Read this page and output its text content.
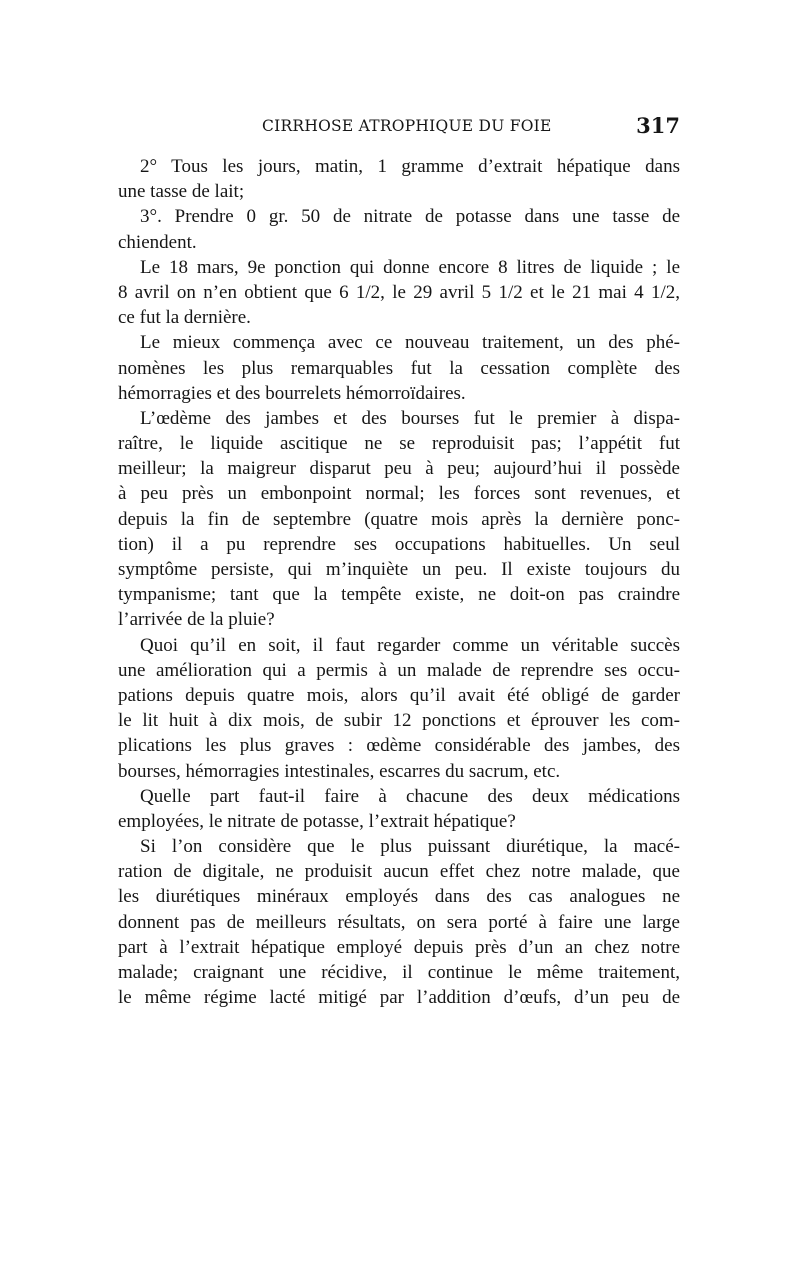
CIRRHOSE ATROPHIQUE DU FOIE	317
2° Tous les jours, matin, 1 gramme d’extrait hépatique dans
une tasse de lait;
3°. Prendre 0 gr. 50 de nitrate de potasse dans une tasse de
chiendent.
Le 18 mars, 9e ponction qui donne encore 8 litres de liquide ; le
8 avril on n’en obtient que 6 1/2, le 29 avril 5 1/2 et le 21 mai 4 1/2,
ce fut la dernière.
Le mieux commença avec ce nouveau traitement, un des phé-
nomènes les plus remarquables fut la cessation complète des
hémorragies et des bourrelets hémorroïdaires.
L’œdème des jambes et des bourses fut le premier à dispa-
raître, le liquide ascitique ne se reproduisit pas; l’appétit fut
meilleur; la maigreur disparut peu à peu; aujourd’hui il possède
à peu près un embonpoint normal; les forces sont revenues, et
depuis la fin de septembre (quatre mois après la dernière ponc-
tion) il a pu reprendre ses occupations habituelles. Un seul
symptôme persiste, qui m’inquiète un peu. Il existe toujours du
tympanisme; tant que la tempête existe, ne doit-on pas craindre
l’arrivée de la pluie?
Quoi qu’il en soit, il faut regarder comme un véritable succès
une amélioration qui a permis à un malade de reprendre ses occu-
pations depuis quatre mois, alors qu’il avait été obligé de garder
le lit huit à dix mois, de subir 12 ponctions et éprouver les com-
plications les plus graves : œdème considérable des jambes, des
bourses, hémorragies intestinales, escarres du sacrum, etc.
Quelle part faut-il faire à chacune des deux médications
employées, le nitrate de potasse, l’extrait hépatique?
Si l’on considère que le plus puissant diurétique, la macé-
ration de digitale, ne produisit aucun effet chez notre malade, que
les diurétiques minéraux employés dans des cas analogues ne
donnent pas de meilleurs résultats, on sera porté à faire une large
part à l’extrait hépatique employé depuis près d’un an chez notre
malade; craignant une récidive, il continue le même traitement,
le même régime lacté mitigé par l’addition d’œufs, d’un peu de
